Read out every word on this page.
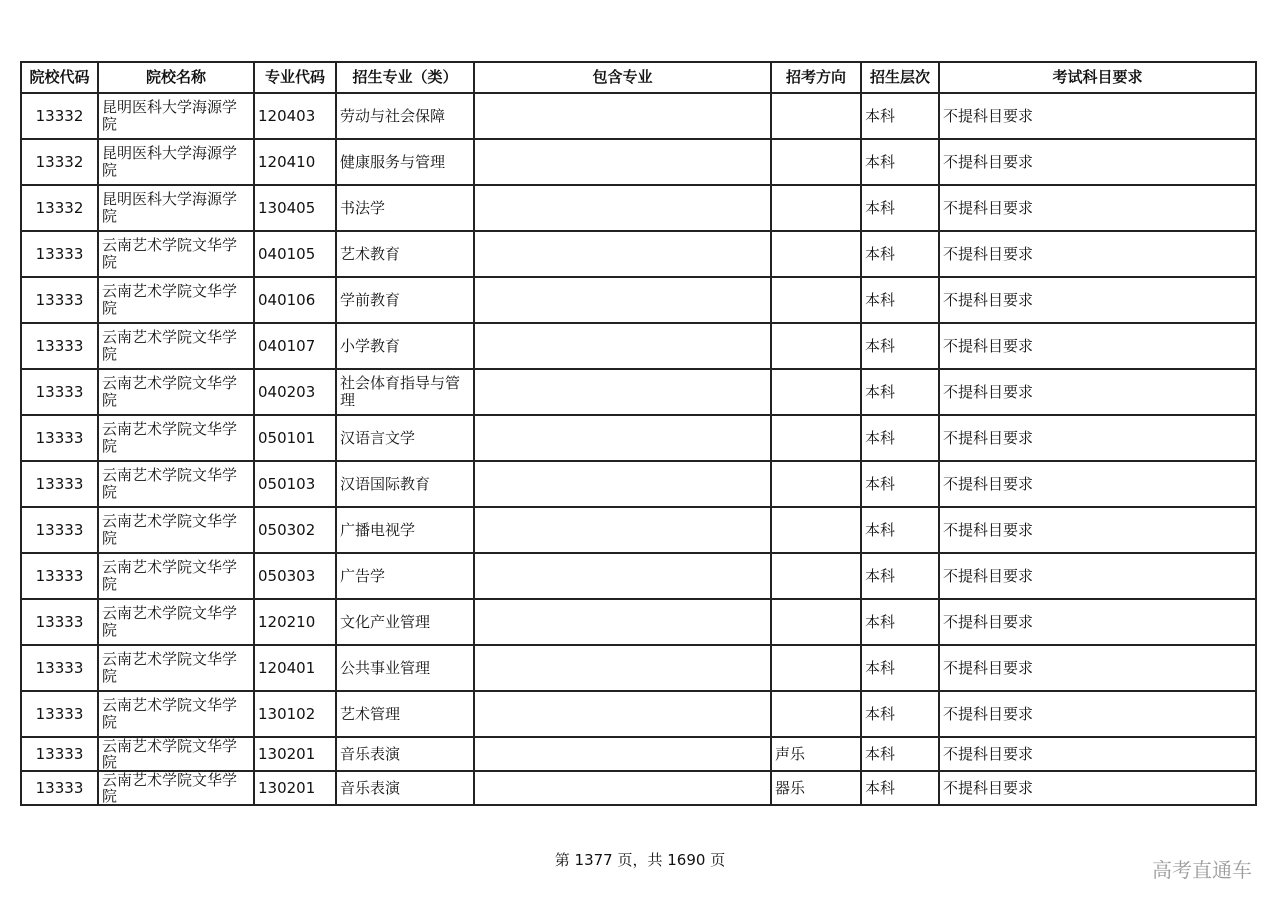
院校代码	院校名称	专业代码	招生专业（类）	包含专业	招考方向	招生层次	考试科目要求
13332	昆明医科大学海源学院	120403	劳动与社会保障			本科	不提科目要求
13332	昆明医科大学海源学院	120410	健康服务与管理			本科	不提科目要求
13332	昆明医科大学海源学院	130405	书法学			本科	不提科目要求
13333	云南艺术学院文华学院	040105	艺术教育			本科	不提科目要求
13333	云南艺术学院文华学院	040106	学前教育			本科	不提科目要求
13333	云南艺术学院文华学院	040107	小学教育			本科	不提科目要求
13333	云南艺术学院文华学院	040203	社会体育指导与管理			本科	不提科目要求
13333	云南艺术学院文华学院	050101	汉语言文学			本科	不提科目要求
13333	云南艺术学院文华学院	050103	汉语国际教育			本科	不提科目要求
13333	云南艺术学院文华学院	050302	广播电视学			本科	不提科目要求
13333	云南艺术学院文华学院	050303	广告学			本科	不提科目要求
13333	云南艺术学院文华学院	120210	文化产业管理			本科	不提科目要求
13333	云南艺术学院文华学院	120401	公共事业管理			本科	不提科目要求
13333	云南艺术学院文华学院	130102	艺术管理			本科	不提科目要求
13333	云南艺术学院文华学院	130201	音乐表演		声乐	本科	不提科目要求
13333	云南艺术学院文华学院	130201	音乐表演		器乐	本科	不提科目要求
第 1377 页，共 1690 页	高考直通车
